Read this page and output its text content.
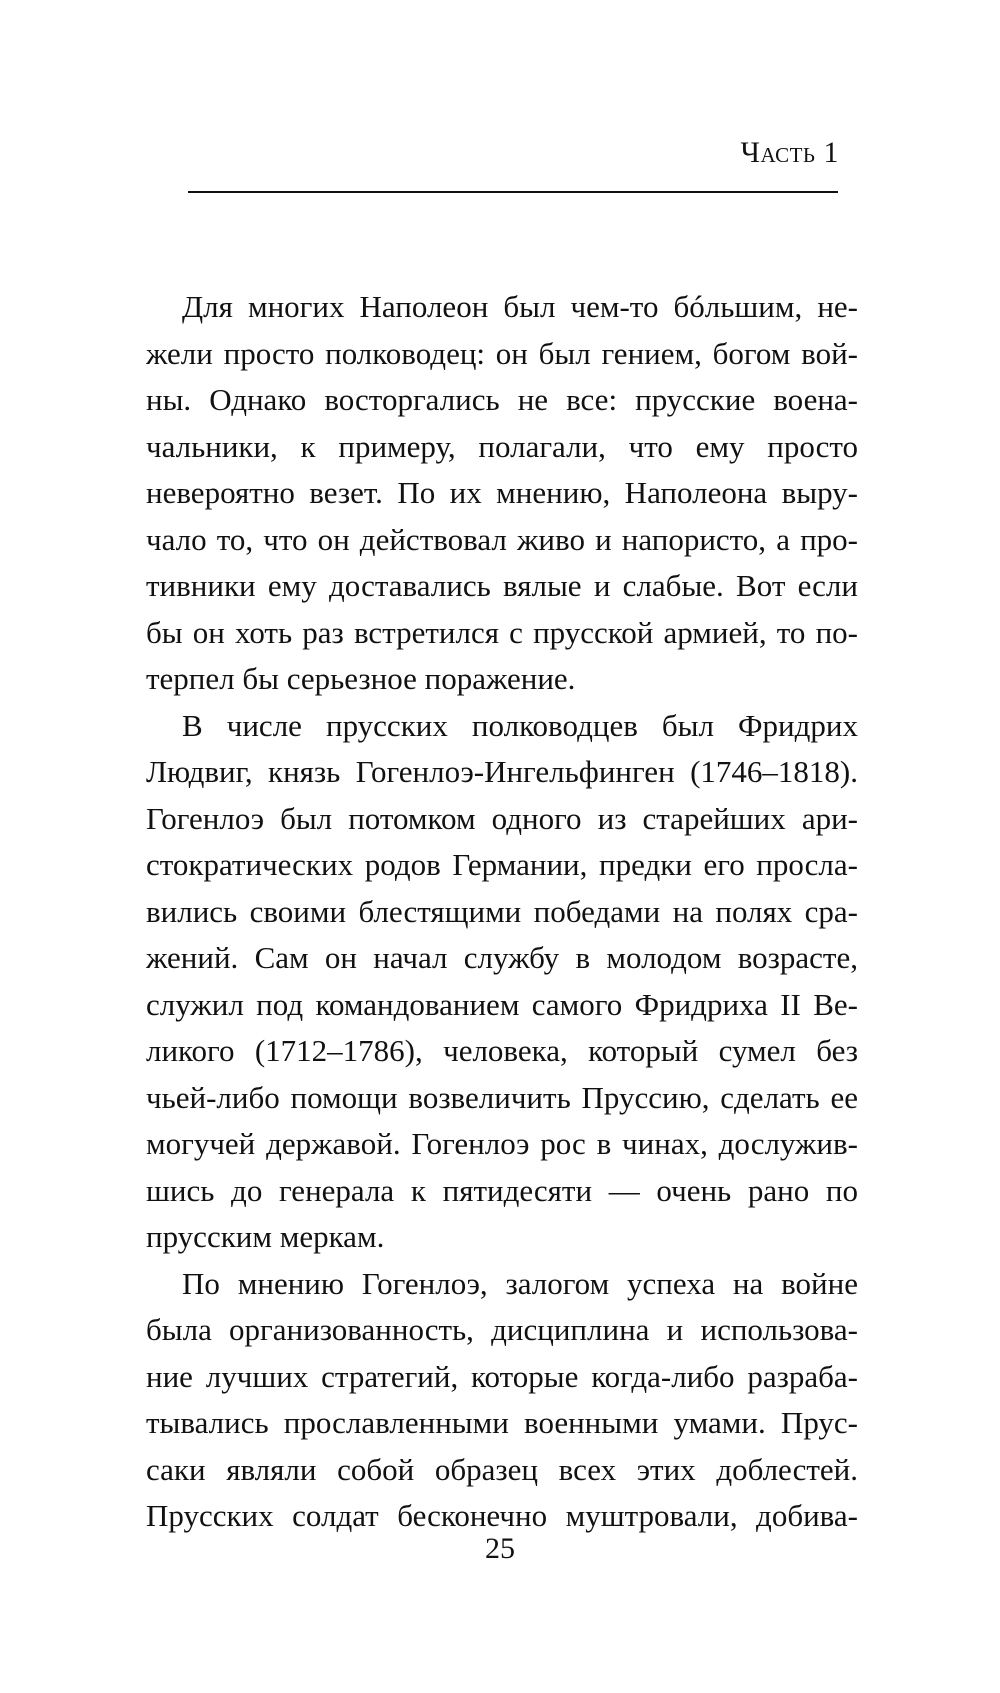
Часть 1
Для многих Наполеон был чем-то бóльшим, не-
жели просто полководец: он был гением, богом вой-
ны. Однако восторгались не все: прусские воена-
чальники, к примеру, полагали, что ему просто
невероятно везет. По их мнению, Наполеона выру-
чало то, что он действовал живо и напористо, а про-
тивники ему доставались вялые и слабые. Вот если
бы он хоть раз встретился с прусской армией, то по-
терпел бы серьезное поражение.
В числе прусских полководцев был Фридрих
Людвиг, князь Гогенлоэ-Ингельфинген (1746–1818).
Гогенлоэ был потомком одного из старейших ари-
стократических родов Германии, предки его просла-
вились своими блестящими победами на полях сра-
жений. Сам он начал службу в молодом возрасте,
служил под командованием самого Фридриха II Ве-
ликого (1712–1786), человека, который сумел без
чьей-либо помощи возвеличить Пруссию, сделать ее
могучей державой. Гогенлоэ рос в чинах, дослужив-
шись до генерала к пятидесяти — очень рано по
прусским меркам.
По мнению Гогенлоэ, залогом успеха на войне
была организованность, дисциплина и использова-
ние лучших стратегий, которые когда-либо разраба-
тывались прославленными военными умами. Прус-
саки являли собой образец всех этих доблестей.
Прусских солдат бесконечно муштровали, добива-
25
